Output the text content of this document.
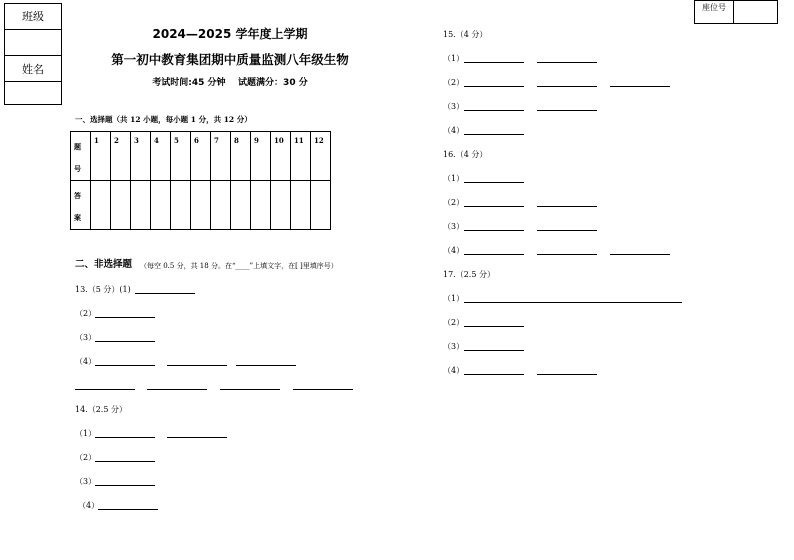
班级
姓名
座位号
2024—2025 学年度上学期
第一初中教育集团期中质量监测八年级生物
考试时间:45 分钟    试题满分：30 分
一、选择题（共 12 小题，每小题 1 分，共 12 分）
题
号	1	2	3	4	5	6	7	8	9	10	11	12

答
案												

二、非选择题 （每空 0.5 分，共 18 分。在“____”上填文字，在[ ]里填序号）
13.（5 分）(1)
（2）
（3）
（4）
14.（2.5 分）
（1）
（2）
（3）
（4）
15.（4 分）
（1）
（2）
（3）
（4）
16.（4 分）
（1）
（2）
（3）
（4）
17.（2.5 分）
（1）
（2）
（3）
（4）
